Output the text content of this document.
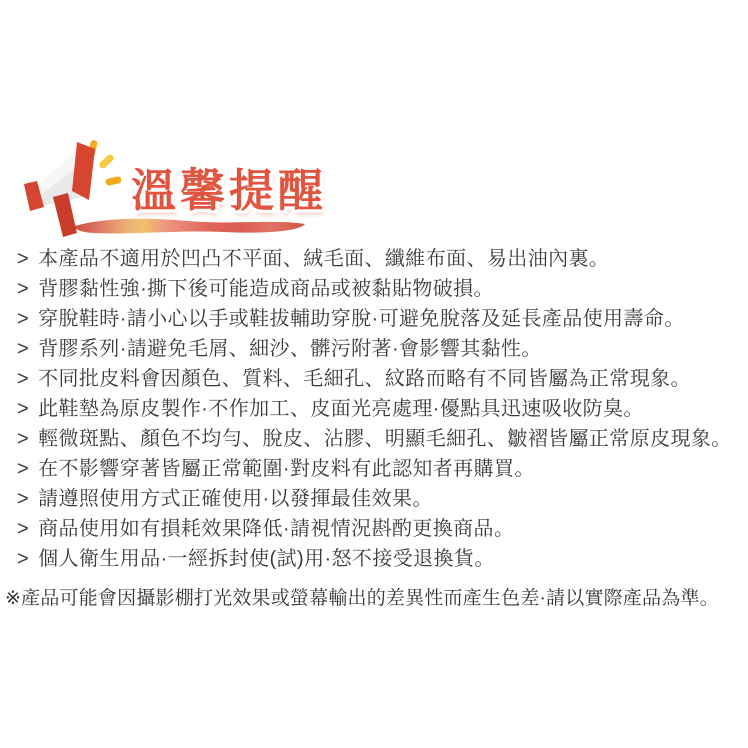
溫馨提醒
> 本產品不適用於凹凸不平面、絨毛面、纖維布面、易出油內裏。
> 背膠黏性強·撕下後可能造成商品或被黏貼物破損。
> 穿脫鞋時·請小心以手或鞋拔輔助穿脫·可避免脫落及延長產品使用壽命。
> 背膠系列·請避免毛屑、細沙、髒污附著·會影響其黏性。
> 不同批皮料會因顏色、質料、毛細孔、紋路而略有不同皆屬為正常現象。
> 此鞋墊為原皮製作·不作加工、皮面光亮處理·優點具迅速吸收防臭。
> 輕微斑點、顏色不均勻、脫皮、沾膠、明顯毛細孔、皺褶皆屬正常原皮現象。
> 在不影響穿著皆屬正常範圍·對皮料有此認知者再購買。
> 請遵照使用方式正確使用·以發揮最佳效果。
> 商品使用如有損耗效果降低·請視情況斟酌更換商品。
> 個人衛生用品·一經拆封使(試)用·怒不接受退換貨。
※產品可能會因攝影棚打光效果或螢幕輸出的差異性而產生色差·請以實際產品為準。
